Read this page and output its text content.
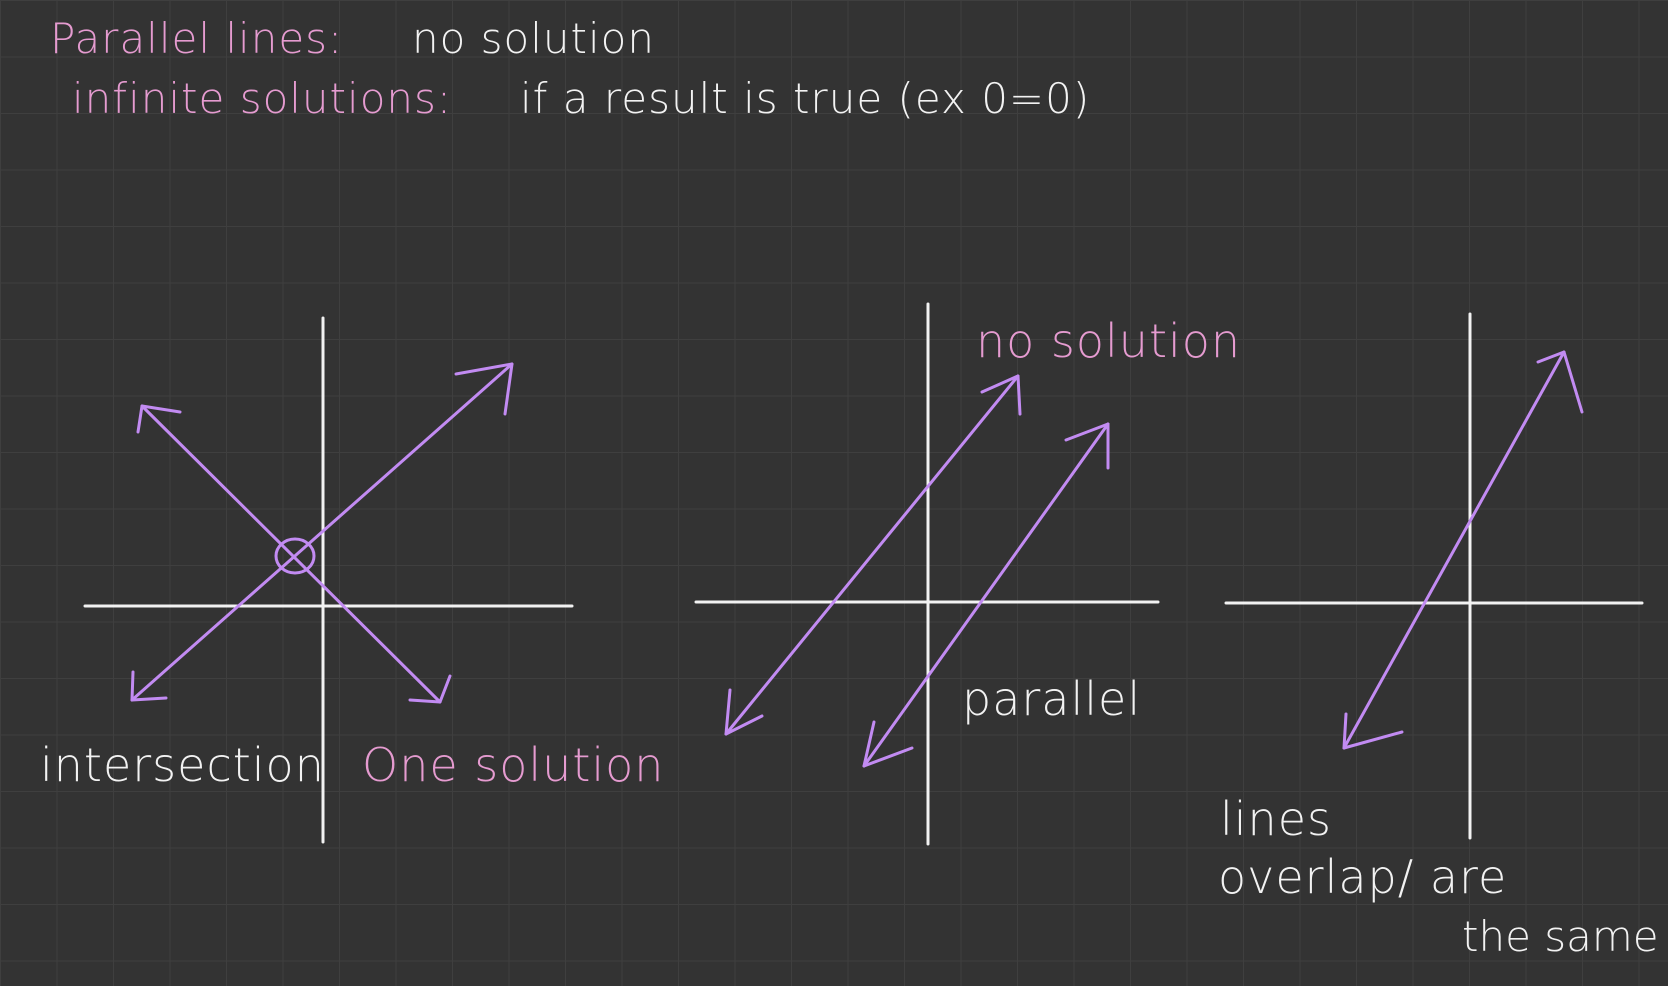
Parallel lines: no solution
infinite solutions: if a result is true (ex 0=0)
intersection One solution
no solution
parallel
lines
overlap/ are
the same
